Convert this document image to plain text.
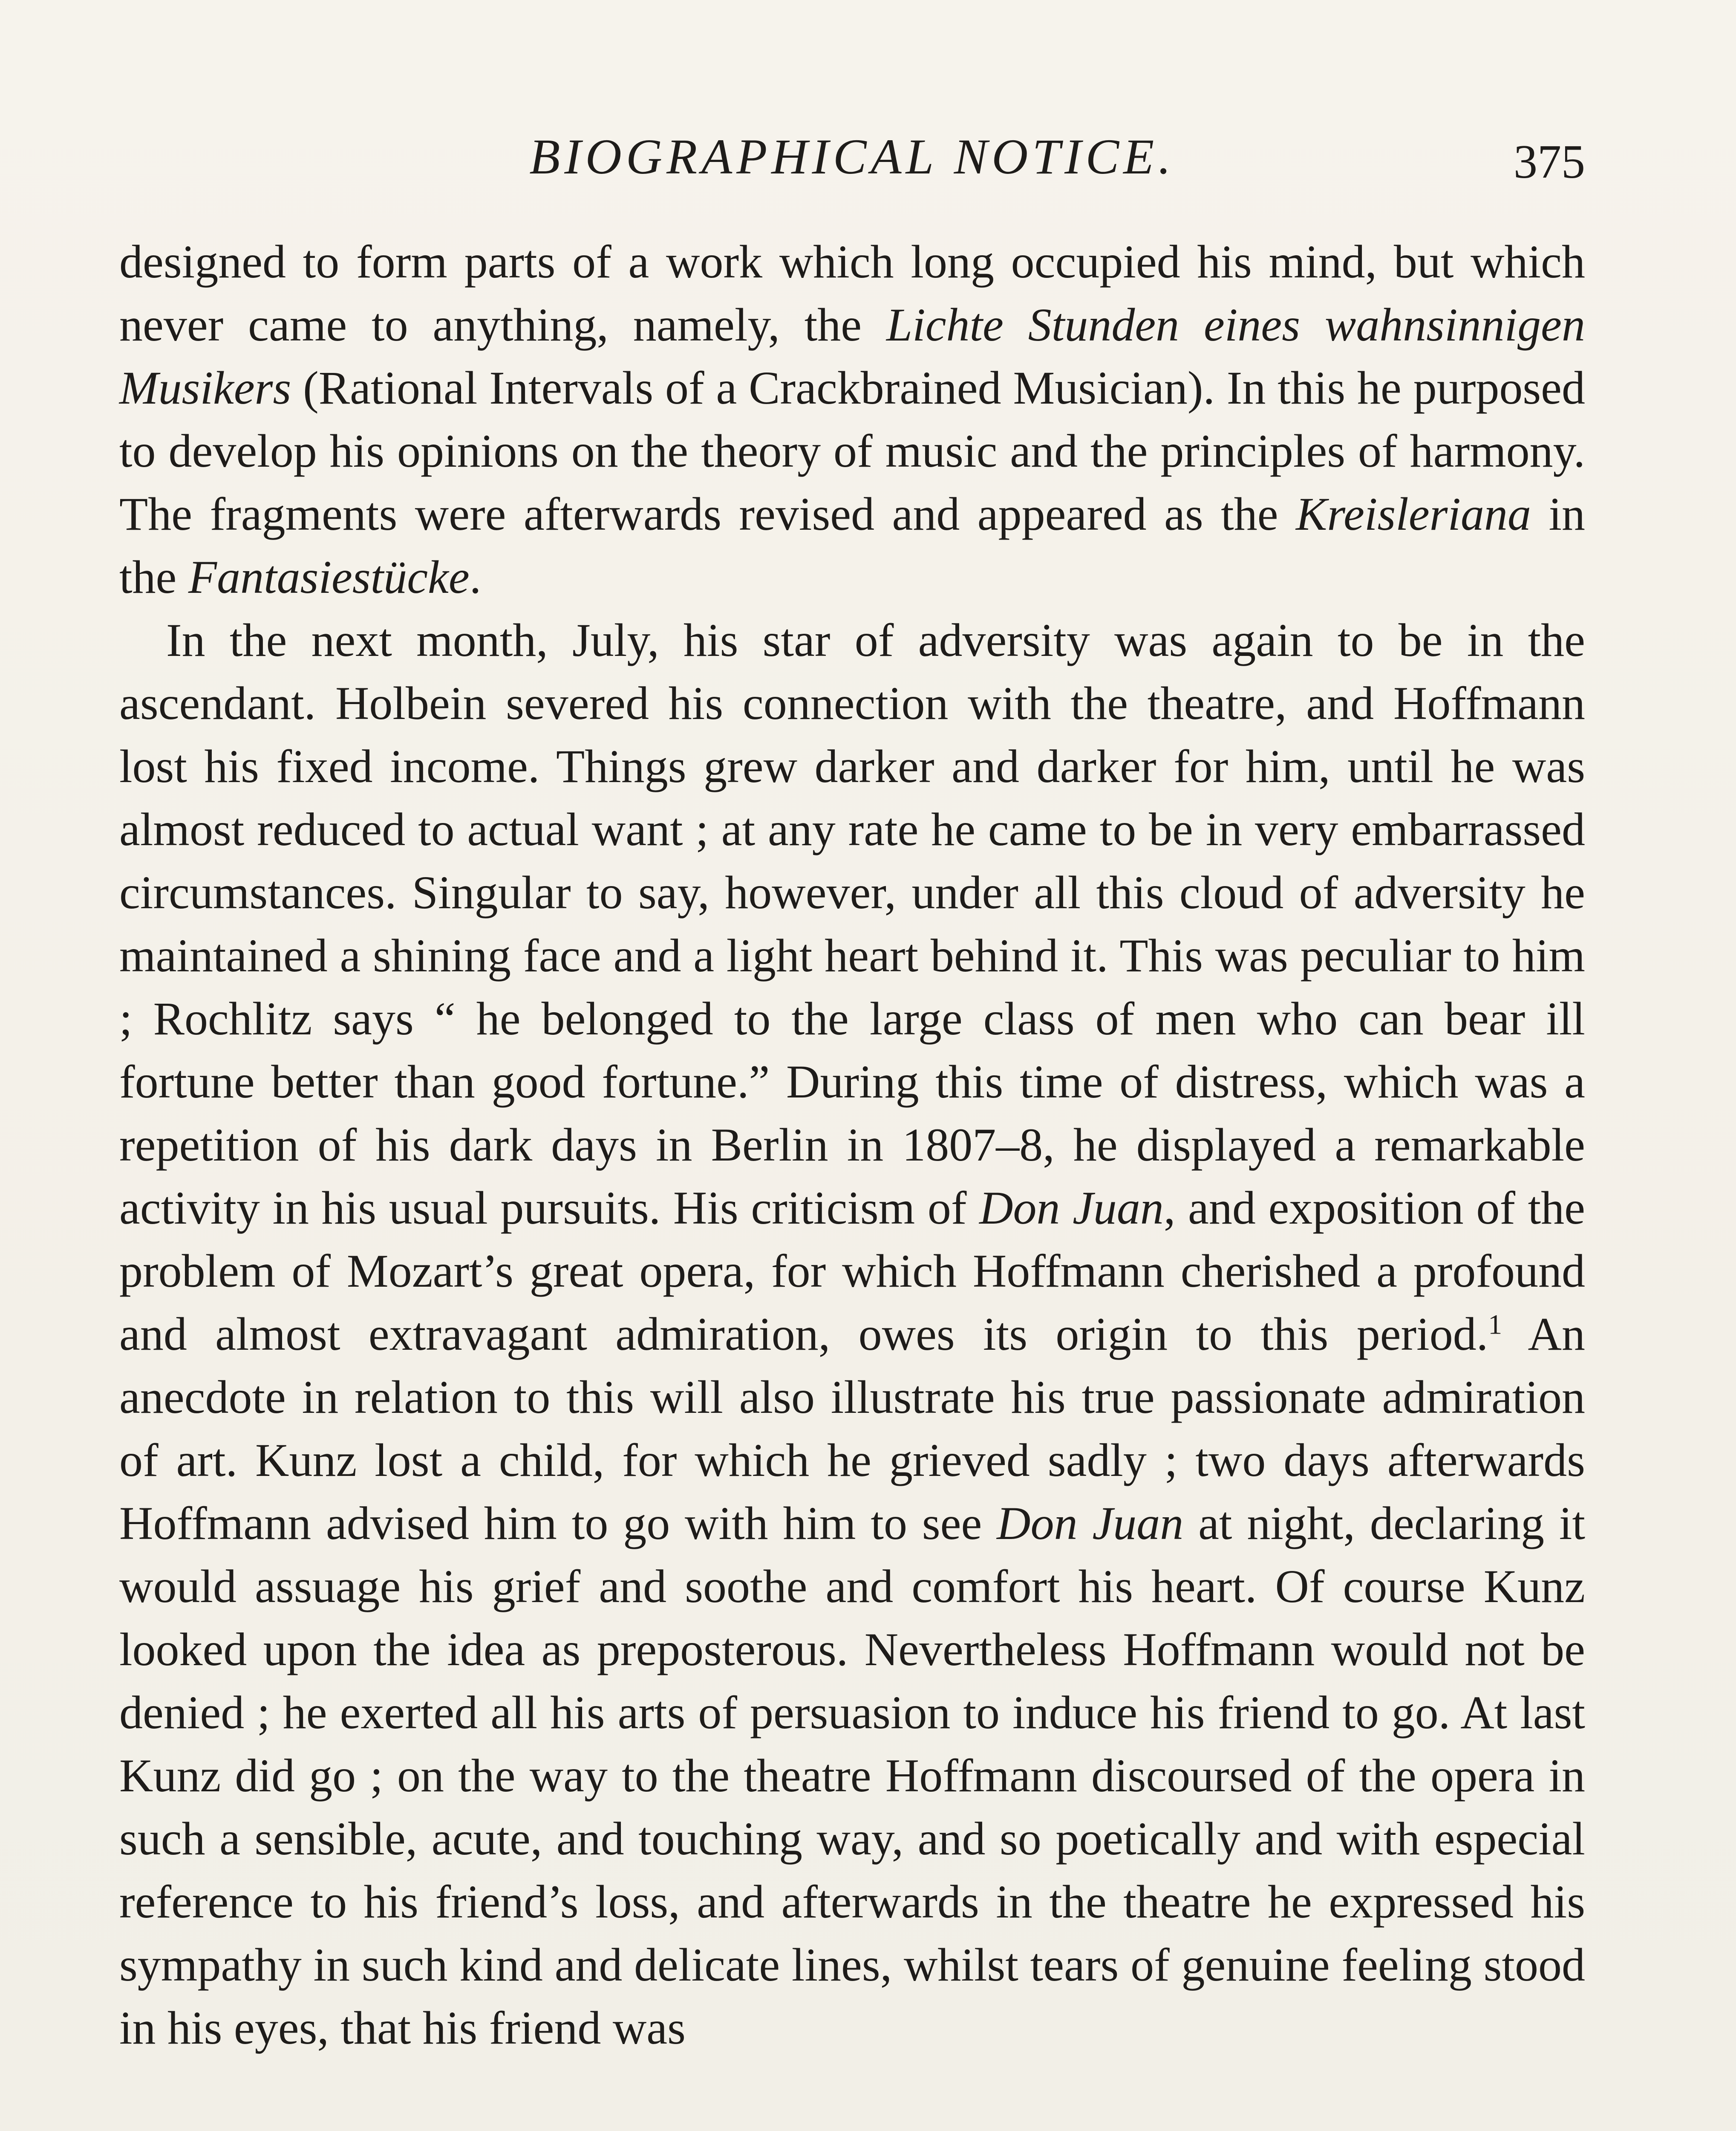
BIOGRAPHICAL NOTICE.	375

designed to form parts of a work which long occupied his mind, but which never came to anything, namely, the Lichte Stunden eines wahnsinnigen Musikers (Rational Intervals of a Crackbrained Musician). In this he purposed to develop his opinions on the theory of music and the principles of harmony. The fragments were afterwards revised and appeared as the Kreisleriana in the Fantasiestücke.

In the next month, July, his star of adversity was again to be in the ascendant. Holbein severed his connection with the theatre, and Hoffmann lost his fixed income. Things grew darker and darker for him, until he was almost reduced to actual want ; at any rate he came to be in very embarrassed circumstances. Singular to say, however, under all this cloud of adversity he maintained a shining face and a light heart behind it. This was peculiar to him ; Rochlitz says “ he belonged to the large class of men who can bear ill fortune better than good fortune.” During this time of distress, which was a repetition of his dark days in Berlin in 1807–8, he displayed a remarkable activity in his usual pursuits. His criticism of Don Juan, and exposition of the problem of Mozart’s great opera, for which Hoffmann cherished a profound and almost extravagant admiration, owes its origin to this period.$^1$ An anecdote in relation to this will also illustrate his true passionate admiration of art. Kunz lost a child, for which he grieved sadly ; two days afterwards Hoffmann advised him to go with him to see Don Juan at night, declaring it would assuage his grief and soothe and comfort his heart. Of course Kunz looked upon the idea as preposterous. Nevertheless Hoffmann would not be denied ; he exerted all his arts of persuasion to induce his friend to go. At last Kunz did go ; on the way to the theatre Hoffmann discoursed of the opera in such a sensible, acute, and touching way, and so poetically and with especial reference to his friend’s loss, and afterwards in the theatre he expressed his sympathy in such kind and delicate lines, whilst tears of genuine feeling stood in his eyes, that his friend was
